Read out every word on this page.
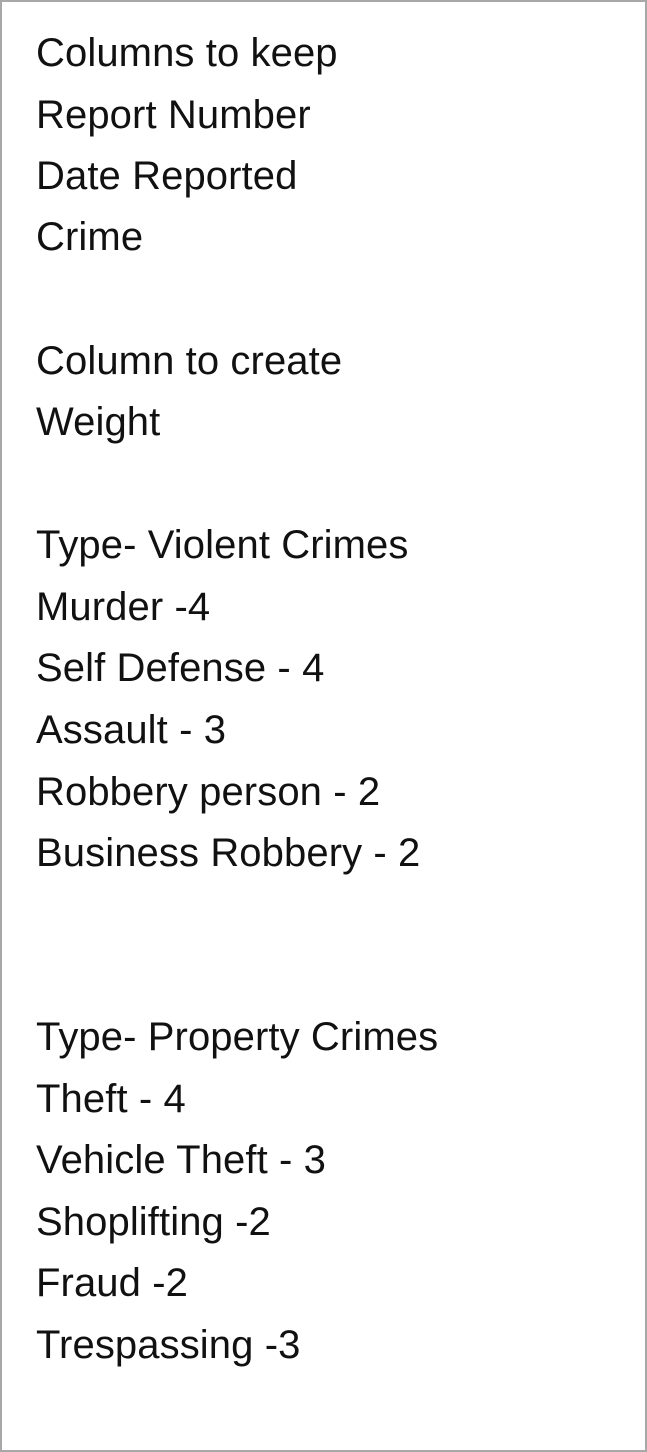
Columns to keep

Report Number

Date Reported

Crime

Column to create

Weight

Type- Violent Crimes

Murder -4

Self Defense - 4

Assault - 3

Robbery person - 2

Business Robbery - 2

Type- Property Crimes

Theft - 4

Vehicle Theft - 3

Shoplifting -2

Fraud -2

Trespassing -3
